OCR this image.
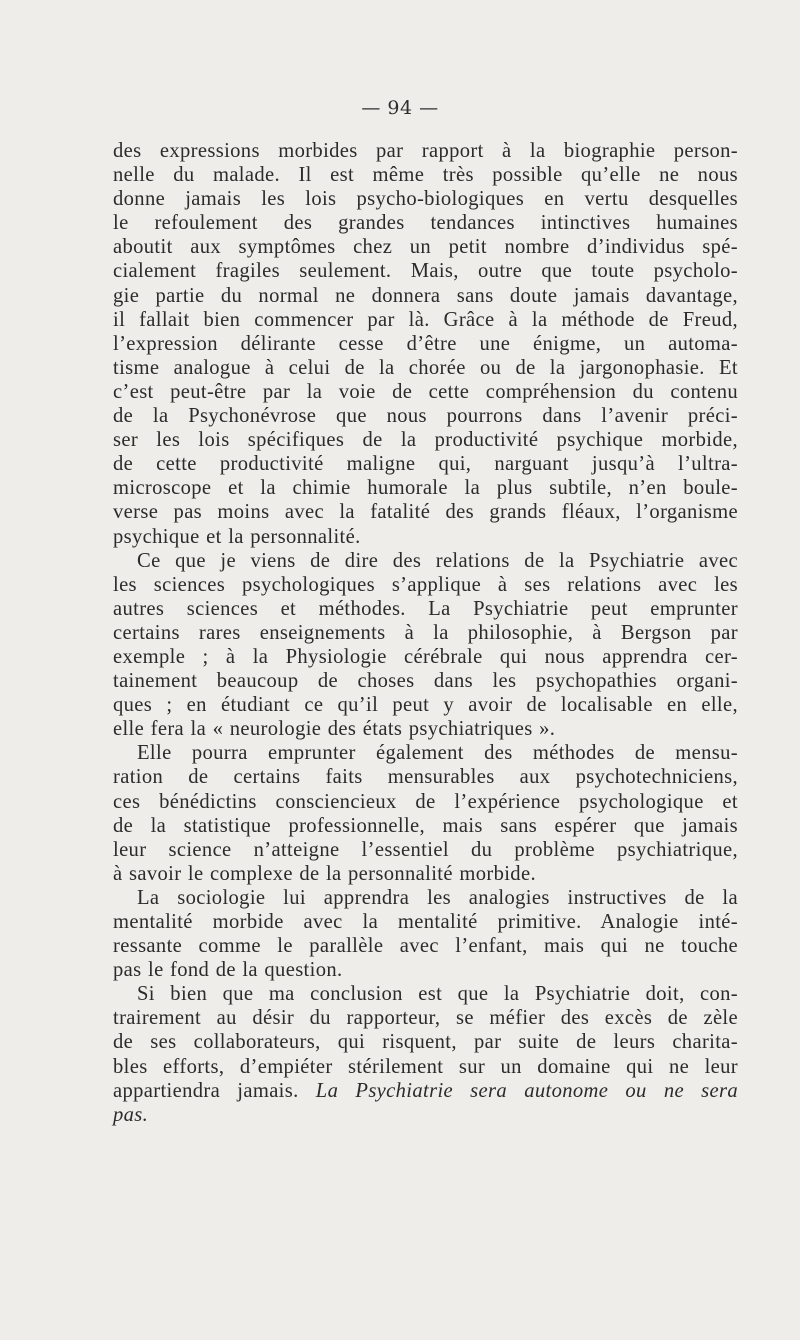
— 94 —
des expressions morbides par rapport à la biographie person-
nelle du malade. Il est même très possible qu’elle ne nous
donne jamais les lois psycho-biologiques en vertu desquelles
le refoulement des grandes tendances intinctives humaines
aboutit aux symptômes chez un petit nombre d’individus spé-
cialement fragiles seulement. Mais, outre que toute psycholo-
gie partie du normal ne donnera sans doute jamais davantage,
il fallait bien commencer par là. Grâce à la méthode de Freud,
l’expression délirante cesse d’être une énigme, un automa-
tisme analogue à celui de la chorée ou de la jargonophasie. Et
c’est peut-être par la voie de cette compréhension du contenu
de la Psychonévrose que nous pourrons dans l’avenir préci-
ser les lois spécifiques de la productivité psychique morbide,
de cette productivité maligne qui, narguant jusqu’à l’ultra-
microscope et la chimie humorale la plus subtile, n’en boule-
verse pas moins avec la fatalité des grands fléaux, l’organisme
psychique et la personnalité.
Ce que je viens de dire des relations de la Psychiatrie avec
les sciences psychologiques s’applique à ses relations avec les
autres sciences et méthodes. La Psychiatrie peut emprunter
certains rares enseignements à la philosophie, à Bergson par
exemple ; à la Physiologie cérébrale qui nous apprendra cer-
tainement beaucoup de choses dans les psychopathies organi-
ques ; en étudiant ce qu’il peut y avoir de localisable en elle,
elle fera la « neurologie des états psychiatriques ».
Elle pourra emprunter également des méthodes de mensu-
ration de certains faits mensurables aux psychotechniciens,
ces bénédictins consciencieux de l’expérience psychologique et
de la statistique professionnelle, mais sans espérer que jamais
leur science n’atteigne l’essentiel du problème psychiatrique,
à savoir le complexe de la personnalité morbide.
La sociologie lui apprendra les analogies instructives de la
mentalité morbide avec la mentalité primitive. Analogie inté-
ressante comme le parallèle avec l’enfant, mais qui ne touche
pas le fond de la question.
Si bien que ma conclusion est que la Psychiatrie doit, con-
trairement au désir du rapporteur, se méfier des excès de zèle
de ses collaborateurs, qui risquent, par suite de leurs charita-
bles efforts, d’empiéter stérilement sur un domaine qui ne leur
appartiendra jamais. La Psychiatrie sera autonome ou ne sera
pas.
